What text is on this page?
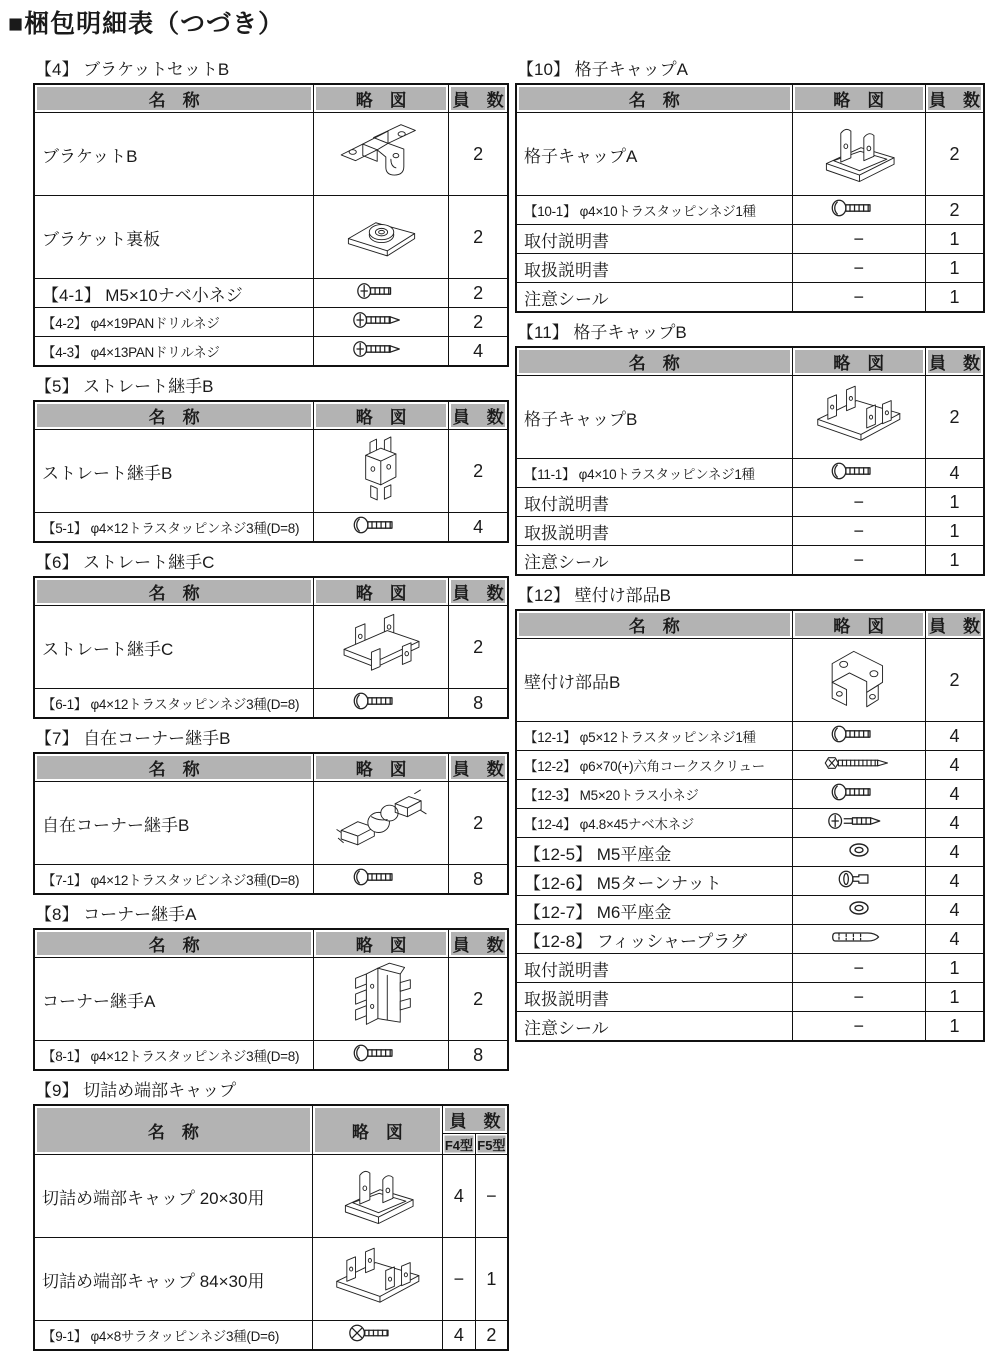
■梱包明細表（つづき）
【4】 ブラケットセットB
名　称	略　図	員　数
ブラケットB		2
ブラケット裏板		2
【4-1】 M5×10ナベ小ネジ		2
【4-2】 φ4×19PANドリルネジ		2
【4-3】 φ4×13PANドリルネジ		4
【5】 ストレート継手B
名　称	略　図	員　数
ストレート継手B		2
【5-1】 φ4×12トラスタッピンネジ3種(D=8)		4
【6】 ストレート継手C
名　称	略　図	員　数
ストレート継手C		2
【6-1】 φ4×12トラスタッピンネジ3種(D=8)		8
【7】 自在コーナー継手B
名　称	略　図	員　数
自在コーナー継手B		2
【7-1】 φ4×12トラスタッピンネジ3種(D=8)		8
【8】 コーナー継手A
名　称	略　図	員　数
コーナー継手A		2
【8-1】 φ4×12トラスタッピンネジ3種(D=8)		8
【9】 切詰め端部キャップ
名　称	略　図	員　数	
		F4型	F5型
切詰め端部キャップ 20×30用		4	−
切詰め端部キャップ 84×30用		−	1
【9-1】 φ4×8サラタッピンネジ3種(D=6)		4	2
【10】 格子キャップA
名　称	略　図	員　数
格子キャップA		2
【10-1】 φ4×10トラスタッピンネジ1種		2
取付説明書	−	1
取扱説明書	−	1
注意シール	−	1
【11】 格子キャップB
名　称	略　図	員　数
格子キャップB		2
【11-1】 φ4×10トラスタッピンネジ1種		4
取付説明書	−	1
取扱説明書	−	1
注意シール	−	1
【12】 壁付け部品B
名　称	略　図	員　数
壁付け部品B		2
【12-1】 φ5×12トラスタッピンネジ1種		4
【12-2】 φ6×70(+)六角コークスクリュー		4
【12-3】 M5×20トラス小ネジ		4
【12-4】 φ4.8×45ナベ木ネジ		4
【12-5】 M5平座金		4
【12-6】 M5ターンナット		4
【12-7】 M6平座金		4
【12-8】 フィッシャープラグ		4
取付説明書	−	1
取扱説明書	−	1
注意シール	−	1
